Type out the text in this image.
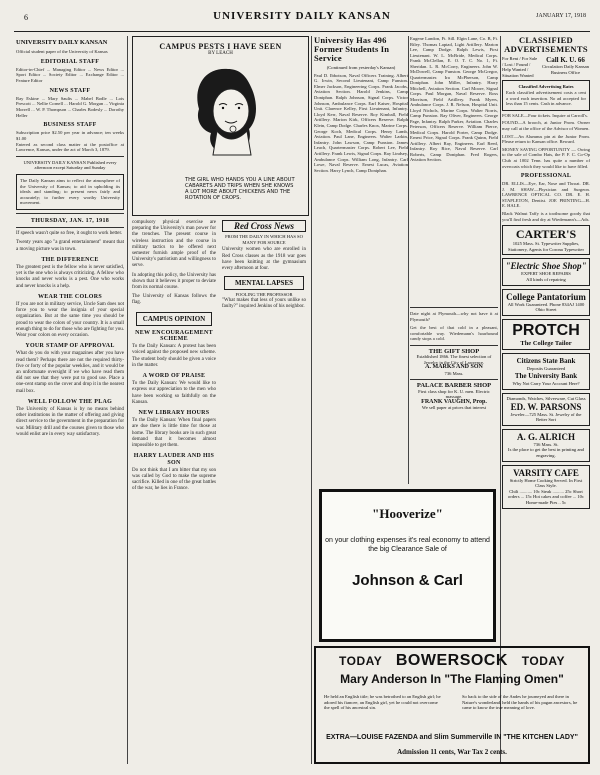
6	UNIVERSITY DAILY KANSAN	JANUARY 17, 1918
UNIVERSITY DAILY KANSAN
Official student paper of the University of Kansas
EDITORIAL STAFF
Editor-in-Chief ... Managing Editor ... News Editor ... Sport Editor ... Society Editor ... Exchange Editor ... Feature Editor
NEWS STAFF
Ray Eskine ... Mary Saults ... Mabel Bodle ... Lois Prescott ... Nellie Cornell ... Harold G. Morgan ... Virginia Morrell ... W. P. Thompson ... Charles Bodesly ... Dorothy Heller
BUSINESS STAFF
Subscription price $2.50 per year in advance; ten weeks $1.00
Entered as second class matter at the postoffice at Lawrence, Kansas, under the act of March 3, 1879.
UNIVERSITY DAILY KANSAN Published every afternoon except Saturday and Sunday
The Daily Kansan aims to reflect the atmosphere of the University of Kansas; to aid in upholding its ideals and standing; to present news fairly and accurately; to further every worthy University movement.
THURSDAY, JAN. 17, 1918

If speech wasn't quite so free, it ought to work better.

Twenty years ago "a grand entertainment" meant that a moving picture was in town.

THE DIFFERENCE

The greatest pest is the fellow who is never satisfied, yet is the one who is always criticizing. A fellow who knocks and never works is a pest. One who works and never knocks is a help.

WEAR THE COLORS

If you are not in military service, Uncle Sam does not force you to wear the insignia of your special organization. But at the same time you should be proud to wear the colors of your country. It is a small enough thing to do for those who are fighting for you. Wear your colors on every occasion.

YOUR STAMP OF APPROVAL

What do you do with your magazines after you have read them? Perhaps there are not the required thirty-five or forty of the popular weeklies, and it would be an unfortunate oversight if we who have read them did not see that they were put to good use. Place a one-cent stamp on the cover and drop it in the nearest mail box.

WELL FOLLOW THE PLAG

The University of Kansas is by no means behind other institutions in the matter of offering and giving direct service to the government in the preparation for war. Military drill and the courses given to those who would enlist are in every way satisfactory.

CAMPUS PESTS I HAVE SEEN
BY LEACH
THE GIRL WHO HANDS YOU A LINE ABOUT CABARETS AND TRIPS WHEN SHE KNOWS A LOT MORE ABOUT CHICKENS AND THE ROTATION OF CROPS.

compulsory physical exercise are preparing the University's man power for the trenches. The present course in wireless instruction and the course in military tactics to be offered next semester furnish ample proof of the University's patriotism and willingness to serve.

In adopting this policy, the University has shown that it believes it proper to deviate from its normal course.

The University of Kansas follows the flag.

CAMPUS OPINION
NEW ENCOURAGEMENT SCHEME

To the Daily Kansan: A protest has been voiced against the proposed new scheme. The student body should be given a voice in the matter.

A WORD OF PRAISE

To the Daily Kansan: We would like to express our appreciation to the men who have been working so faithfully on the Kansan.

NEW LIBRARY HOURS

To the Daily Kansan: When final papers are due there is little time for those at home. The library books are in such great demand that it becomes almost impossible to get them.

HARRY LAUDER AND HIS SON

Do not think that I am bitter that my son was called by God to make the supreme sacrifice. Killed in one of the great battles of the war, he lies in France.

Red Cross News
FROM THE DAILY IN WHICH HAS SO MANY FOR SOURCE

University women who are enrolled in Red Cross classes as the 1918 war goes have been knitting at the gymnasium every afternoon at four.

MENTAL LAPSES
FOOLING THE PROFESSOR

"What makes that less of yours unlike so faulty?" inquired Jenkins of his neighbor.

University Has 496 Former Students In Service
(Continued from yesterday's Kansan)
Paul D. Ibbotson, Naval Officers Training. Albert G. Irwin, Second Lieutenant, Camp Funston. Elmer Jackson, Engineering Corps. Frank Jacobs, Aviation Section. Harold Jenkins, Camp Doniphan. Ralph Johnson, Signal Corps. Victor Johnson, Ambulance Corps. Earl Kaiser, Hospital Unit. Clarence Kelley, First Lieutenant, Infantry. Lloyd Kerr, Naval Reserve. Roy Kimball, Field Artillery. Marion Kirk, Officers Reserve. Ralph Klein, Camp Dodge. Charles Knox, Marine Corps. George Koch, Medical Corps. Henry Lamb, Aviation. Paul Lane, Engineers. Walter Larkin, Infantry. John Lawson, Camp Funston. James Leach, Quartermaster Corps. Robert Lee, Field Artillery. Frank Lewis, Signal Corps. Ray Lindsey, Ambulance Corps. William Long, Infantry. Carl Lowe, Naval Reserve. Ernest Lucas, Aviation Section. Harry Lynch, Camp Doniphan.
Eugene Landon, Ft. Sill. Elgin Lane, Co. B, Ft. Riley. Thomas Laptad, Light Artillery. Marion Lee, Camp Dodge. Ralph Lewis, First Lieutenant. W. L. McBride, Medical Corps. Frank McClellan, E. O. T. C. No. 1, Ft. Sheridan. L. R. McCorry, Engineers. John W. McDowell, Camp Funston. George McGregor, Quartermaster. Ira McPherson, Camp Doniphan. John Miller, Infantry. Harry Mitchell, Aviation Section. Carl Moore, Signal Corps. Paul Morgan, Naval Reserve. Ross Morrison, Field Artillery. Frank Myers, Ambulance Corps. J. R. Nelson, Hospital Unit. Lloyd Nichols, Marine Corps. Walter Norris, Camp Funston. Ray Oliver, Engineers. George Page, Infantry. Ralph Parker, Aviation. Charles Peterson, Officers Reserve. William Pierce, Medical Corps. Harold Porter, Camp Dodge. Ernest Price, Signal Corps. Frank Quinn, Field Artillery. Albert Ray, Engineers. Earl Reed, Infantry. Roy Rice, Naval Reserve. Carl Roberts, Camp Doniphan. Fred Rogers, Aviation Section.
Date night at Plymouth—why not have it at Plymouth?
Get the best of that cold in a pleasant, comfortable way. Wiedemann's hoarhound candy stops a cold.
THE GIFT SHOP
Established 1866. The finest selection of Jewelry in the City of Lawrence.
A. MARKS AND SON
736 Mass.
PALACE BARBER SHOP
First class shop for K. U. men. Electric massage.
FRANK VAUGHN, Prop.
We sell paper at prices that interest
CLASSIFIED ADVERTISEMENTS
For Rent / For Sale / Lost / Found / Help Wanted / Situation Wanted
Call K. U. 66
Circulation Daily Kansan Business Office
Classified Advertising Rates
Each classified advertisement costs a cent a word each insertion. No ad accepted for less than 15 cents. Cash in advance.
FOR SALE—Four tickets. Inquire at Carroll's.
FOUND—A brooch, at Junior Prom. Owner may call at the office of the Advisor of Women.
LOST—An Alumnus pin at the Junior Prom. Please return to Kansan office. Reward.
MONEY SAVING OPPORTUNITY — Owing to the sale of Combo Hats, the P. F. C. Co-Op Club at 1002 Tenn. has quite a number of overcoats which they would like to have filled.
PROFESSIONAL
DR. ELLIS—Eye, Ear, Nose and Throat. DR. J. M. SHAW—Physician and Surgeon. LAWRENCE OPTICAL CO. DR. E. H. STAPLETON, Dentist. JOE PRINTING—H. E. HALE.
Black Walnut Taffy is a toothsome goody that you'll find fresh and dry at Wiedemann's—Ads.
CARTER'S
1025 Mass. St. Typewriter Supplies, Stationery, Agents for Corona Typewriter
"Electric Shoe Shop"
EXPERT SHOE REPAIRS
All kinds of repairing
College Pantatorium
All Work Guaranteed. Phone 834AJ 1400 Ohio Street
PROTCH
The College Tailor
Citizens State Bank
Deposits Guaranteed
The University Bank
Why Not Carry Your Account Here?
Diamonds, Watches, Silverware, Cut Glass
ED. W. PARSONS
Jeweler—725 Mass. St. Jewelry of the Better Sort
A. G. ALRICH
736 Mass. St.
Is the place to get the best in printing and engraving.
VARSITY CAFE
Strictly Home Cooking Served. In First Class Style.
Chili ........... 10c Steak .......... 25c Short orders ... 15c Hot cakes and coffee ... 10c Home-made Pies .. 5c
"Hooverize"
on your clothing expenses it's real economy to attend the big Clearance Sale of
Johnson & Carl
TODAY BOWERSOCK TODAY
Mary Anderson In "The Flaming Omen"
He held an English title; he was betrothed to an English girl; he adored his fiancee, an English girl, yet he could not overcome the spell of his ancestral sin.
So back to the side of the Andes he journeyed and there in Nature's wonderland, held the hands of his pagan ancestors, he came to know the true meaning of love.
EXTRA—LOUISE FAZENDA and Slim Summerville IN "THE KITCHEN LADY"
Admission 11 cents, War Tax 2 cents.
